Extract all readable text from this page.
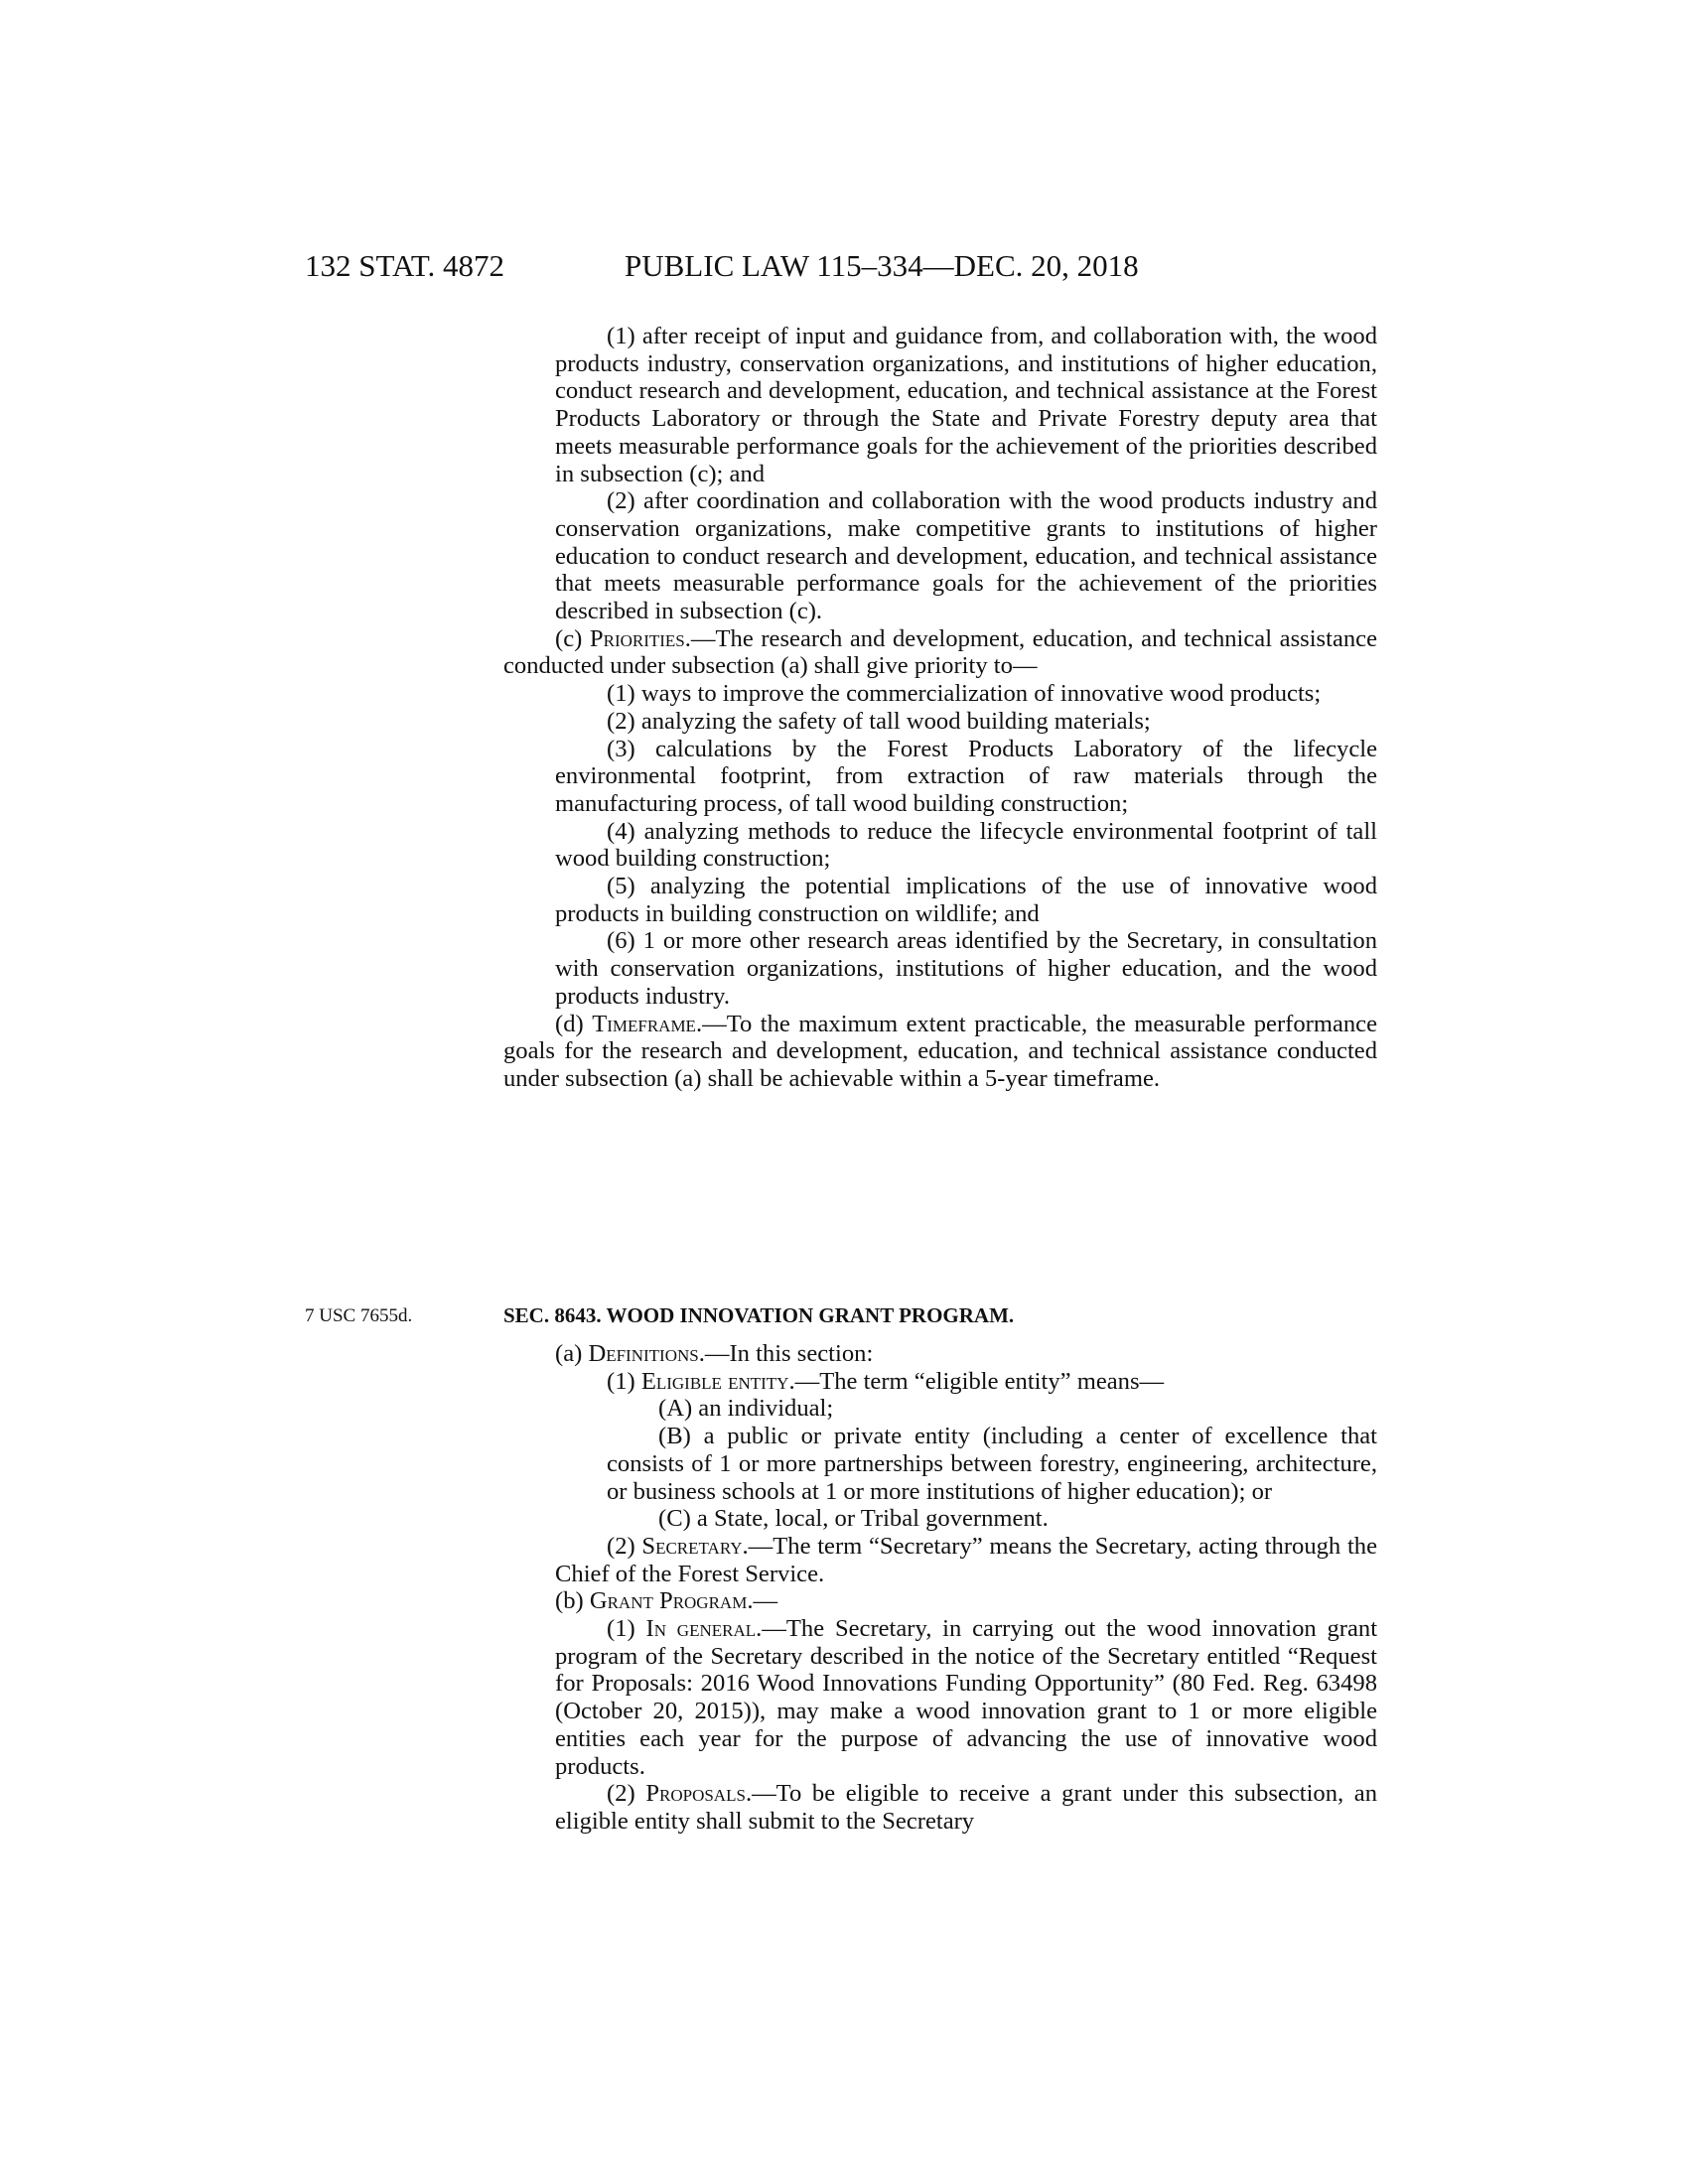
132 STAT. 4872	PUBLIC LAW 115–334—DEC. 20, 2018

(1) after receipt of input and guidance from, and collaboration with, the wood products industry, conservation organizations, and institutions of higher education, conduct research and development, education, and technical assistance at the Forest Products Laboratory or through the State and Private Forestry deputy area that meets measurable performance goals for the achievement of the priorities described in subsection (c); and

(2) after coordination and collaboration with the wood products industry and conservation organizations, make competitive grants to institutions of higher education to conduct research and development, education, and technical assistance that meets measurable performance goals for the achievement of the priorities described in subsection (c).

(c) Priorities.—The research and development, education, and technical assistance conducted under subsection (a) shall give priority to—

(1) ways to improve the commercialization of innovative wood products;

(2) analyzing the safety of tall wood building materials;

(3) calculations by the Forest Products Laboratory of the lifecycle environmental footprint, from extraction of raw materials through the manufacturing process, of tall wood building construction;

(4) analyzing methods to reduce the lifecycle environmental footprint of tall wood building construction;

(5) analyzing the potential implications of the use of innovative wood products in building construction on wildlife; and

(6) 1 or more other research areas identified by the Secretary, in consultation with conservation organizations, institutions of higher education, and the wood products industry.

(d) Timeframe.—To the maximum extent practicable, the measurable performance goals for the research and development, education, and technical assistance conducted under subsection (a) shall be achievable within a 5-year timeframe.

7 USC 7655d.	SEC. 8643. WOOD INNOVATION GRANT PROGRAM.

(a) Definitions.—In this section:

(1) Eligible entity.—The term “eligible entity” means—

(A) an individual;

(B) a public or private entity (including a center of excellence that consists of 1 or more partnerships between forestry, engineering, architecture, or business schools at 1 or more institutions of higher education); or

(C) a State, local, or Tribal government.

(2) Secretary.—The term “Secretary” means the Secretary, acting through the Chief of the Forest Service.

(b) Grant Program.—

(1) In general.—The Secretary, in carrying out the wood innovation grant program of the Secretary described in the notice of the Secretary entitled “Request for Proposals: 2016 Wood Innovations Funding Opportunity” (80 Fed. Reg. 63498 (October 20, 2015)), may make a wood innovation grant to 1 or more eligible entities each year for the purpose of advancing the use of innovative wood products.

(2) Proposals.—To be eligible to receive a grant under this subsection, an eligible entity shall submit to the Secretary
